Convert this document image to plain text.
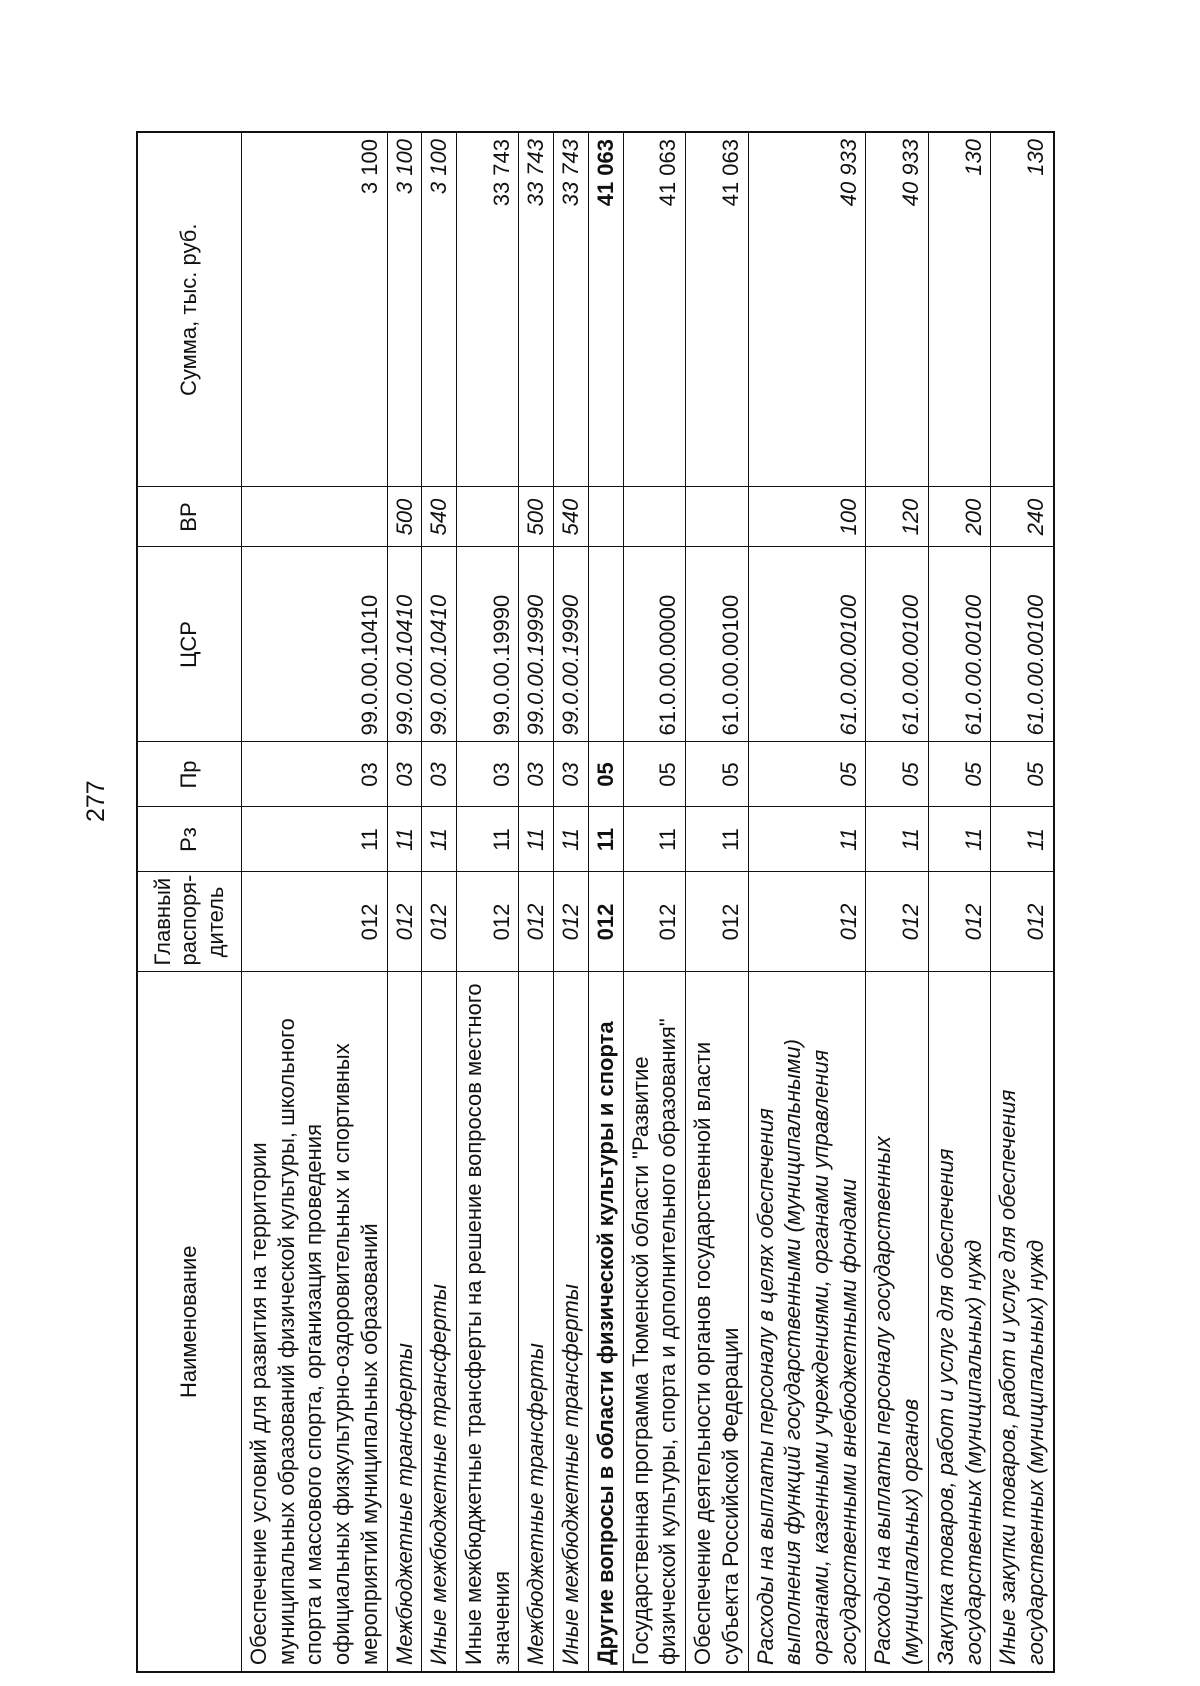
277
Наименование	Главный распоря-дитель	Рз	Пр	ЦСР	ВР	Сумма, тыс. руб.
Обеспечение условий для развития на территории муниципальных образований физической культуры, школьного спорта и массового спорта, организация проведения официальных физкультурно-оздоровительных и спортивных мероприятий муниципальных образований	012	11	03	99.0.00.10410		3 100
Межбюджетные трансферты	012	11	03	99.0.00.10410	500	3 100
Иные межбюджетные трансферты	012	11	03	99.0.00.10410	540	3 100
Иные межбюджетные трансферты на решение вопросов местного значения	012	11	03	99.0.00.19990		33 743
Межбюджетные трансферты	012	11	03	99.0.00.19990	500	33 743
Иные межбюджетные трансферты	012	11	03	99.0.00.19990	540	33 743
Другие вопросы в области физической культуры и спорта	012	11	05			41 063
Государственная программа Тюменской области "Развитие физической культуры, спорта и дополнительного образования"	012	11	05	61.0.00.00000		41 063
Обеспечение деятельности органов государственной власти субъекта Российской Федерации	012	11	05	61.0.00.00100		41 063
Расходы на выплаты персоналу в целях обеспечения выполнения функций государственными (муниципальными) органами, казенными учреждениями, органами управления государственными внебюджетными фондами	012	11	05	61.0.00.00100	100	40 933
Расходы на выплаты персоналу государственных (муниципальных) органов	012	11	05	61.0.00.00100	120	40 933
Закупка товаров, работ и услуг для обеспечения государственных (муниципальных) нужд	012	11	05	61.0.00.00100	200	130
Иные закупки товаров, работ и услуг для обеспечения государственных (муниципальных) нужд	012	11	05	61.0.00.00100	240	130
